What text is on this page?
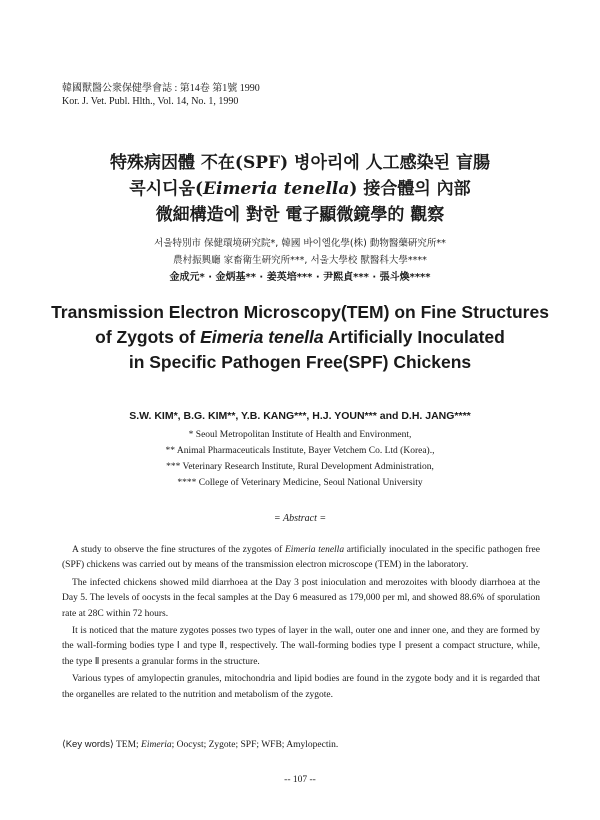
韓國獸醫公衆保健學會誌 : 第14卷 第1號 1990
Kor. J. Vet. Publ. Hlth., Vol. 14, No. 1, 1990
特殊病因體 不在(SPF) 병아리에 人工感染된 盲腸
콕시디움(Eimeria tenella) 接合體의 內部
微細構造에 對한 電子顯微鏡學的 觀察
서울特別市 保健環境硏究院*, 韓國 바이엘化學(株) 動物醫藥硏究所**
農村振興廳 家畜衛生硏究所***, 서울大學校 獸醫科大學****
金成元* · 金炳基** · 姜英培*** · 尹熙貞*** · 張斗煥****
Transmission Electron Microscopy(TEM) on Fine Structures
of Zygots of Eimeria tenella Artificially Inoculated
in Specific Pathogen Free(SPF) Chickens
S.W. KIM*, B.G. KIM**, Y.B. KANG***, H.J. YOUN*** and D.H. JANG****
* Seoul Metropolitan Institute of Health and Environment,
** Animal Pharmaceuticals Institute, Bayer Vetchem Co. Ltd (Korea).,
*** Veterinary Research Institute, Rural Development Administration,
**** College of Veterinary Medicine, Seoul National University
= Abstract =

A study to observe the fine structures of the zygotes of Eimeria tenella artificially inoculated in the specific pathogen free (SPF) chickens was carried out by means of the transmission electron microscope (TEM) in the laboratory.

The infected chickens showed mild diarrhoea at the Day 3 post inioculation and merozoites with bloody diarrhoea at the Day 5. The levels of oocysts in the fecal samples at the Day 6 measured as 179,000 per ml, and showed 88.6% of sporulation rate at 28C within 72 hours.

It is noticed that the mature zygotes posses two types of layer in the wall, outer one and inner one, and they are formed by the wall-forming bodies type Ⅰ and type Ⅱ, respectively. The wall-forming bodies type Ⅰ present a compact structure, while, the type Ⅱ presents a granular forms in the structure.

Various types of amylopectin granules, mitochondria and lipid bodies are found in the zygote body and it is regarded that the organelles are related to the nutrition and metabolism of the zygote.

⟨Key words⟩ TEM; Eimeria; Oocyst; Zygote; SPF; WFB; Amylopectin.
-- 107 --
